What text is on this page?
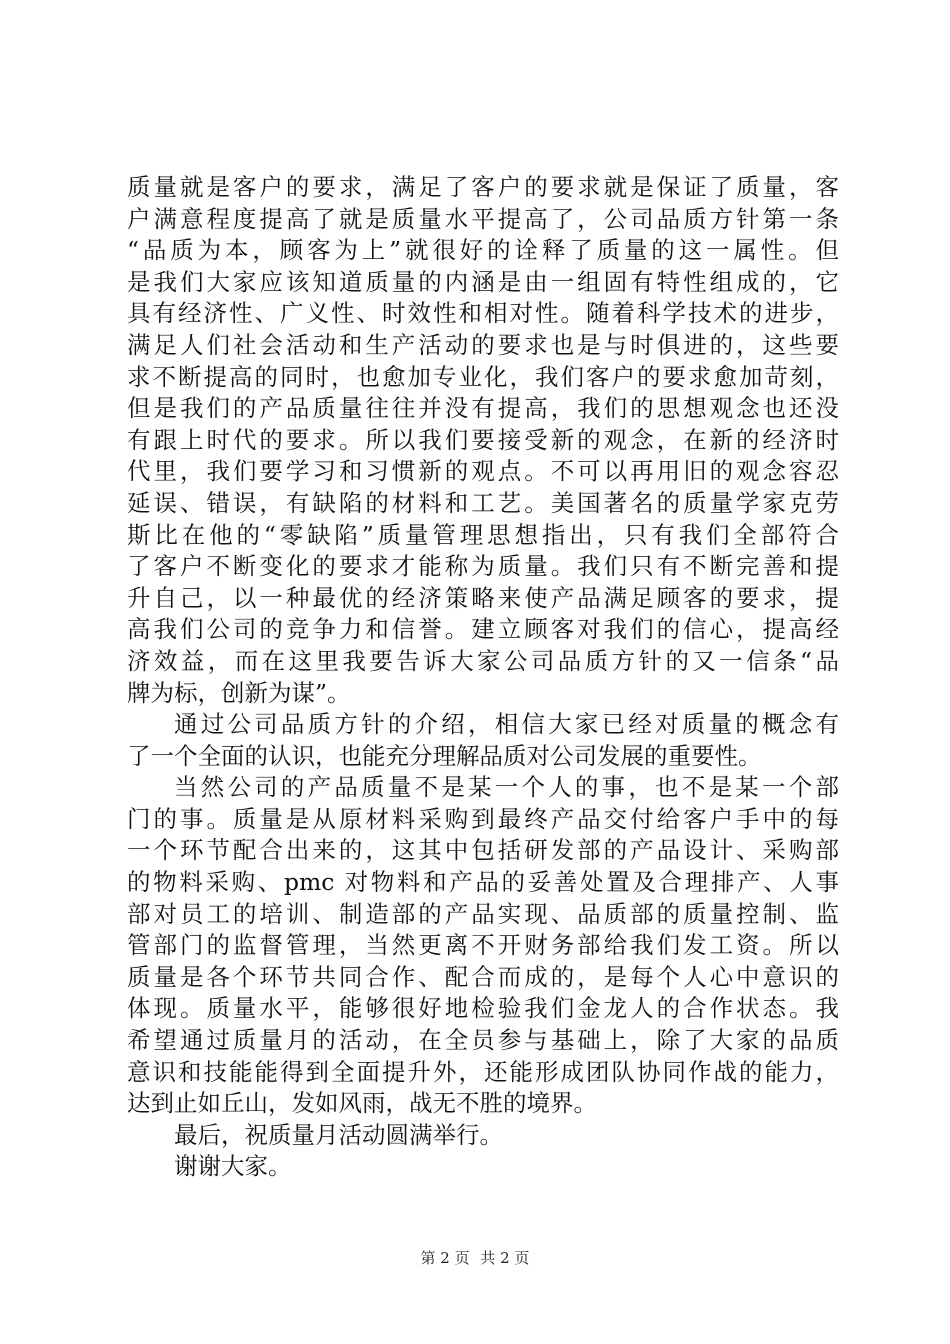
质量就是客户的要求，满足了客户的要求就是保证了质量，客
户满意程度提高了就是质量水平提高了，公司品质方针第一条
“品质为本，顾客为上”就很好的诠释了质量的这一属性。但
是我们大家应该知道质量的内涵是由一组固有特性组成的，它
具有经济性、广义性、时效性和相对性。随着科学技术的进步，
满足人们社会活动和生产活动的要求也是与时俱进的，这些要
求不断提高的同时，也愈加专业化，我们客户的要求愈加苛刻，
但是我们的产品质量往往并没有提高，我们的思想观念也还没
有跟上时代的要求。所以我们要接受新的观念，在新的经济时
代里，我们要学习和习惯新的观点。不可以再用旧的观念容忍
延误、错误，有缺陷的材料和工艺。美国著名的质量学家克劳
斯比在他的“零缺陷”质量管理思想指出，只有我们全部符合
了客户不断变化的要求才能称为质量。我们只有不断完善和提
升自己，以一种最优的经济策略来使产品满足顾客的要求，提
高我们公司的竞争力和信誉。建立顾客对我们的信心，提高经
济效益，而在这里我要告诉大家公司品质方针的又一信条“品
牌为标，创新为谋”。
通过公司品质方针的介绍，相信大家已经对质量的概念有
了一个全面的认识，也能充分理解品质对公司发展的重要性。
当然公司的产品质量不是某一个人的事，也不是某一个部
门的事。质量是从原材料采购到最终产品交付给客户手中的每
一个环节配合出来的，这其中包括研发部的产品设计、采购部
的物料采购、pmc 对物料和产品的妥善处置及合理排产、人事
部对员工的培训、制造部的产品实现、品质部的质量控制、监
管部门的监督管理，当然更离不开财务部给我们发工资。所以
质量是各个环节共同合作、配合而成的，是每个人心中意识的
体现。质量水平，能够很好地检验我们金龙人的合作状态。我
希望通过质量月的活动，在全员参与基础上，除了大家的品质
意识和技能能得到全面提升外，还能形成团队协同作战的能力，
达到止如丘山，发如风雨，战无不胜的境界。
最后，祝质量月活动圆满举行。
谢谢大家。
第 2 页 共 2 页
